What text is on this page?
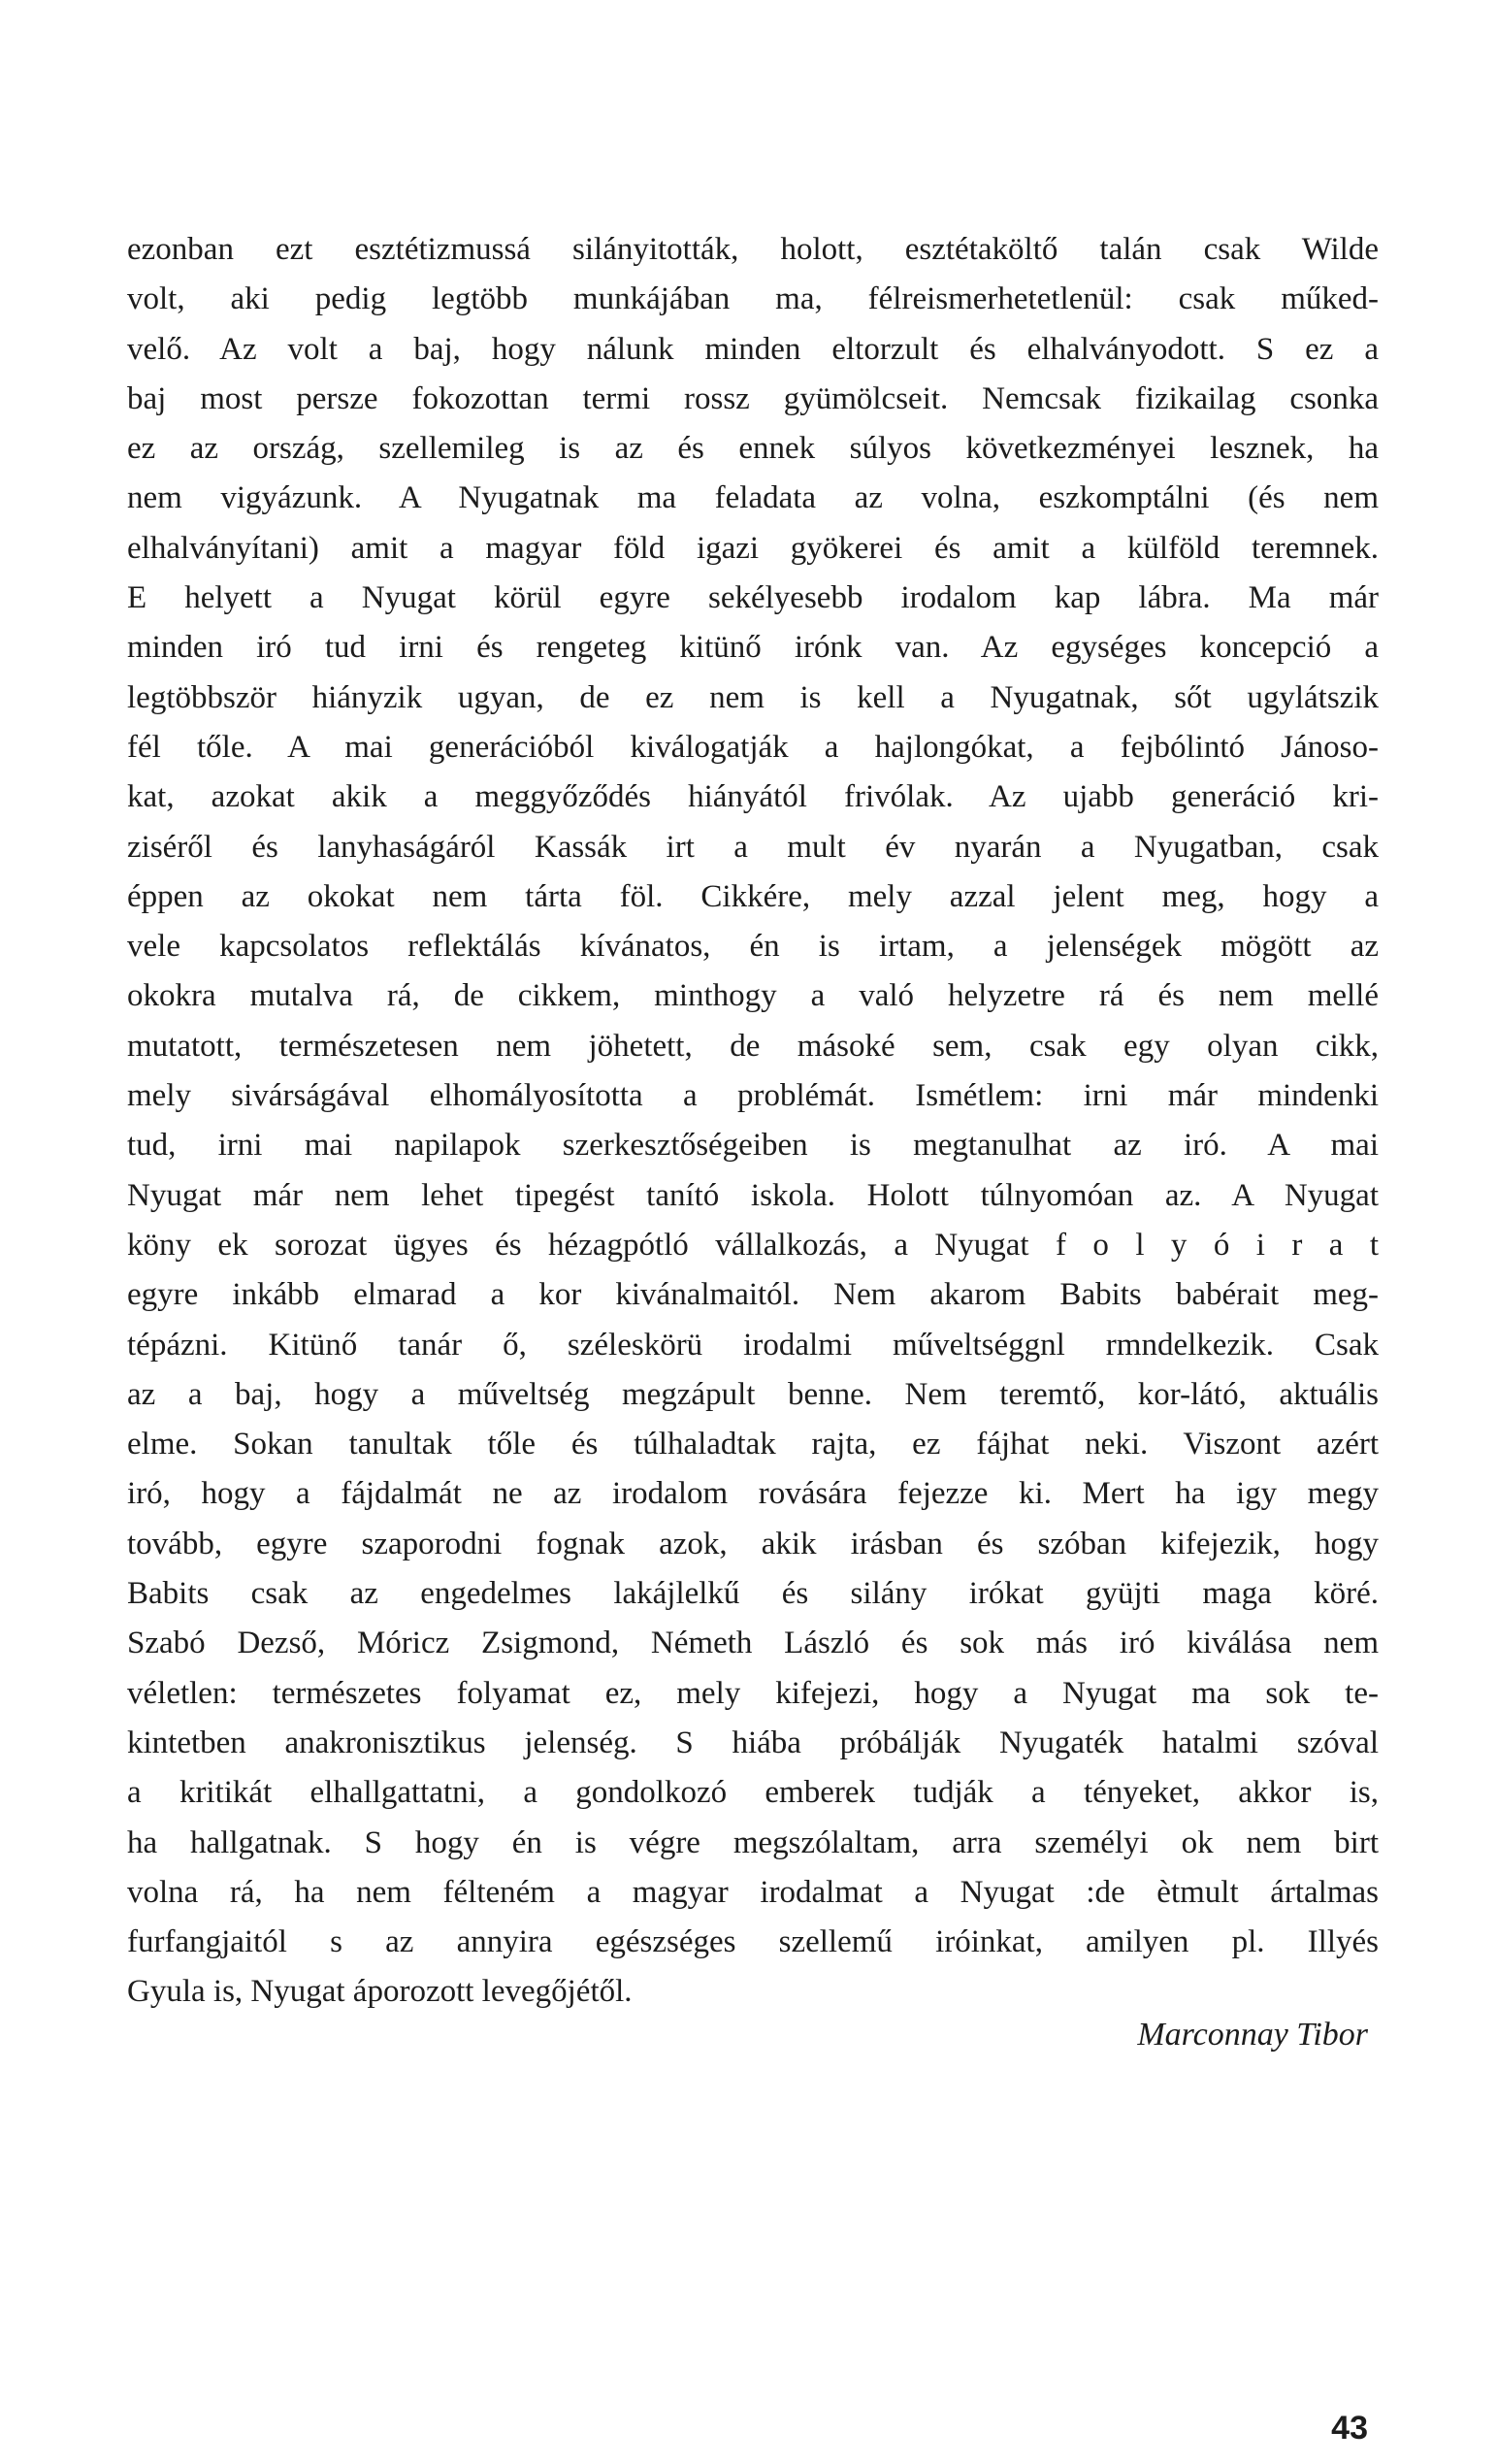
ezonban ezt esztétizmussá silányitották, holott, esztétaköltő talán csak Wilde
volt, aki pedig legtöbb munkájában ma, félreismerhetetlenül: csak műked-
velő. Az volt a baj, hogy nálunk minden eltorzult és elhalványodott. S ez a
baj most persze fokozottan termi rossz gyümölcseit. Nemcsak fizikailag csonka
ez az ország, szellemileg is az és ennek súlyos következményei lesznek, ha
nem vigyázunk. A Nyugatnak ma feladata az volna, eszkomptálni (és nem
elhalványítani) amit a magyar föld igazi gyökerei és amit a külföld teremnek.
E helyett a Nyugat körül egyre sekélyesebb irodalom kap lábra. Ma már
minden iró tud irni és rengeteg kitünő irónk van. Az egységes koncepció a
legtöbbször hiányzik ugyan, de ez nem is kell a Nyugatnak, sőt ugylátszik
fél tőle. A mai generációból kiválogatják a hajlongókat, a fejbólintó Jánoso-
kat, azokat akik a meggyőződés hiányától frivólak. Az ujabb generáció kri-
ziséről és lanyhaságáról Kassák irt a mult év nyarán a Nyugatban, csak
éppen az okokat nem tárta föl. Cikkére, mely azzal jelent meg, hogy a
vele kapcsolatos reflektálás kívánatos, én is irtam, a jelenségek mögött az
okokra mutalva rá, de cikkem, minthogy a való helyzetre rá és nem mellé
mutatott, természetesen nem jöhetett, de másoké sem, csak egy olyan cikk,
mely sivárságával elhomályosította a problémát. Ismétlem: irni már mindenki
tud, irni mai napilapok szerkesztőségeiben is megtanulhat az iró. A mai
Nyugat már nem lehet tipegést tanító iskola. Holott túlnyomóan az. A Nyugat
köny ek sorozat ügyes és hézagpótló vállalkozás, a Nyugat f o l y ó i r a t
egyre inkább elmarad a kor kivánalmaitól. Nem akarom Babits babérait meg-
tépázni. Kitünő tanár ő, széleskörü irodalmi műveltséggnl rmndelkezik. Csak
az a baj, hogy a műveltség megzápult benne. Nem teremtő, kor-látó, aktuális
elme. Sokan tanultak tőle és túlhaladtak rajta, ez fájhat neki. Viszont azért
iró, hogy a fájdalmát ne az irodalom rovására fejezze ki. Mert ha igy megy
tovább, egyre szaporodni fognak azok, akik irásban és szóban kifejezik, hogy
Babits csak az engedelmes lakájlelkű és silány irókat gyüjti maga köré.
Szabó Dezső, Móricz Zsigmond, Németh László és sok más iró kiválása nem
véletlen: természetes folyamat ez, mely kifejezi, hogy a Nyugat ma sok te-
kintetben anakronisztikus jelenség. S hiába próbálják Nyugaték hatalmi szóval
a kritikát elhallgattatni, a gondolkozó emberek tudják a tényeket, akkor is,
ha hallgatnak. S hogy én is végre megszólaltam, arra személyi ok nem birt
volna rá, ha nem félteném a magyar irodalmat a Nyugat :de ètmult ártalmas
furfangjaitól s az annyira egészséges szellemű iróinkat, amilyen pl. Illyés
Gyula is, Nyugat áporozott levegőjétől.
Marconnay Tibor
43
